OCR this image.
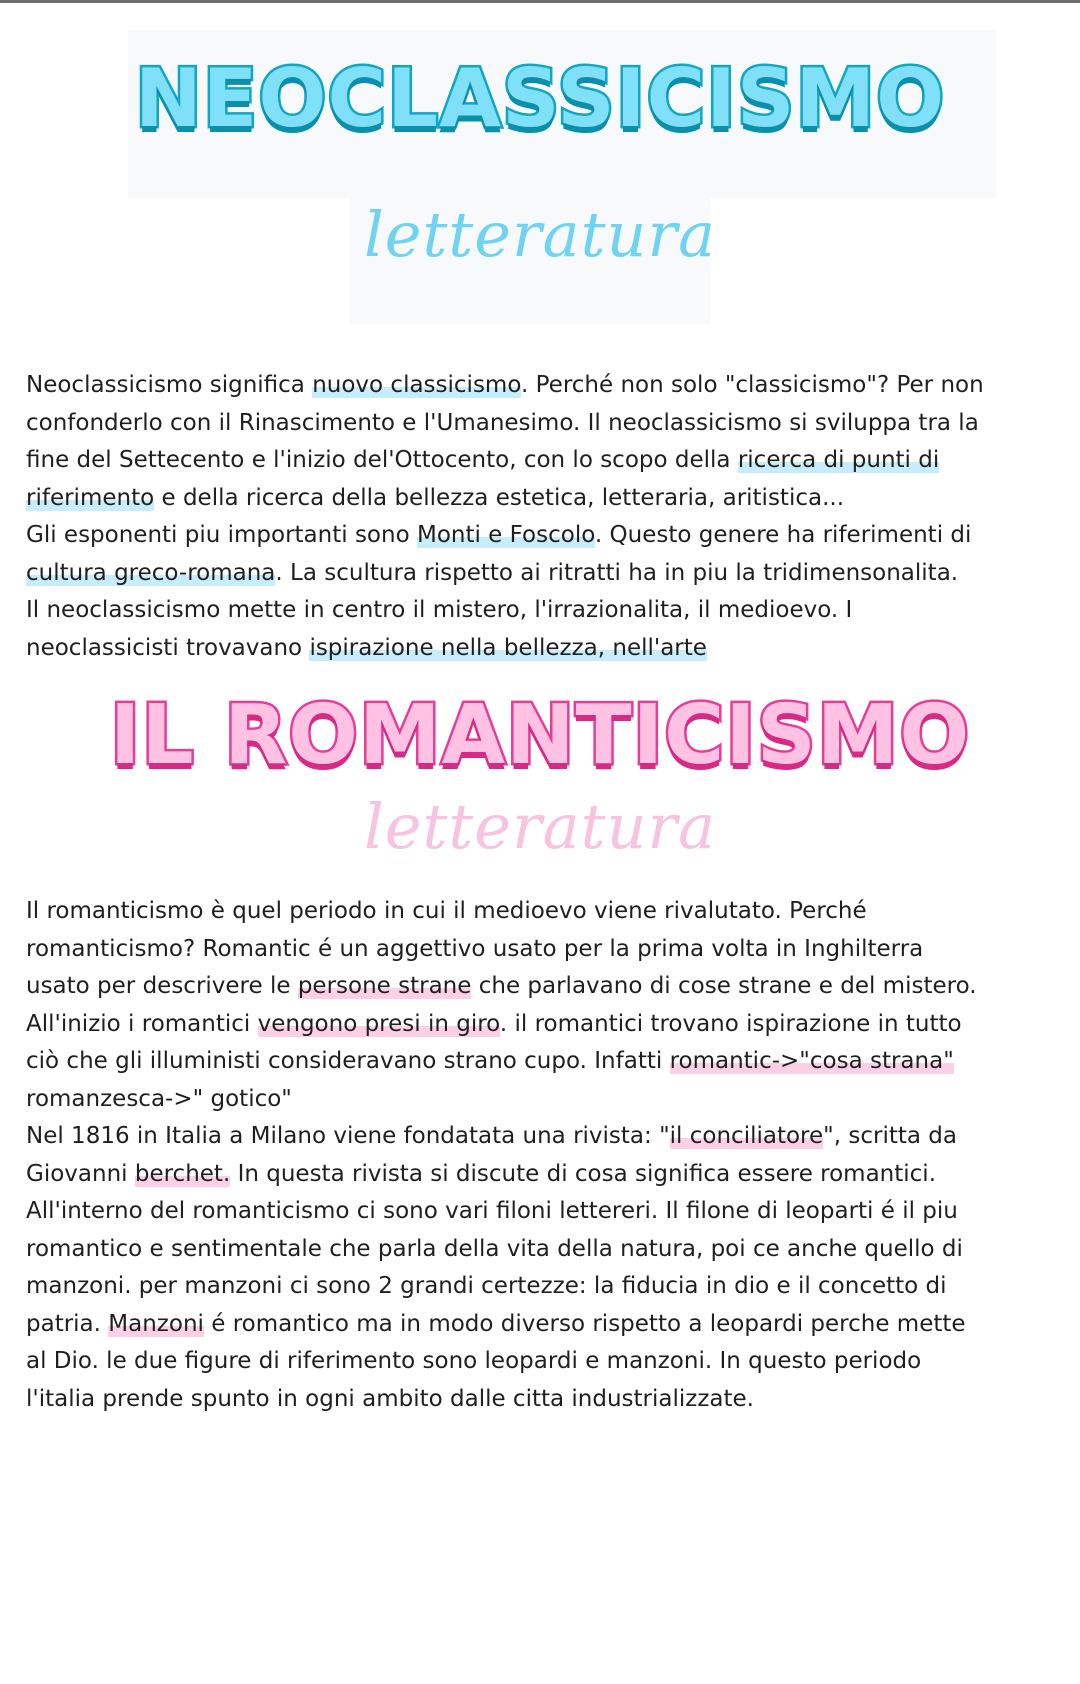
NEOCLASSICISMO
letteratura

Neoclassicismo significa nuovo classicismo. Perché non solo "classicismo"? Per non

confonderlo con il Rinascimento e l'Umanesimo. Il neoclassicismo si sviluppa tra la

fine del Settecento e l'inizio del'Ottocento, con lo scopo della ricerca di punti di

riferimento e della ricerca della bellezza estetica, letteraria, aritistica...

Gli esponenti piu importanti sono Monti e Foscolo. Questo genere ha riferimenti di

cultura greco-romana. La scultura rispetto ai ritratti ha in piu la tridimensonalita.

Il neoclassicismo mette in centro il mistero, l'irrazionalita, il medioevo. I

neoclassicisti trovavano ispirazione nella bellezza, nell'arte

IL ROMANTICISMO
letteratura

Il romanticismo è quel periodo in cui il medioevo viene rivalutato. Perché

romanticismo? Romantic é un aggettivo usato per la prima volta in Inghilterra

usato per descrivere le persone strane che parlavano di cose strane e del mistero.

All'inizio i romantici vengono presi in giro. il romantici trovano ispirazione in tutto

ciò che gli illuministi consideravano strano cupo. Infatti romantic->"cosa strana"

romanzesca->" gotico"

Nel 1816 in Italia a Milano viene fondatata una rivista: "il conciliatore", scritta da

Giovanni berchet. In questa rivista si discute di cosa significa essere romantici.

All'interno del romanticismo ci sono vari filoni lettereri. Il filone di leoparti é il piu

romantico e sentimentale che parla della vita della natura, poi ce anche quello di

manzoni. per manzoni ci sono 2 grandi certezze: la fiducia in dio e il concetto di

patria. Manzoni é romantico ma in modo diverso rispetto a leopardi perche mette

al Dio. le due figure di riferimento sono leopardi e manzoni. In questo periodo

l'italia prende spunto in ogni ambito dalle citta industrializzate.
